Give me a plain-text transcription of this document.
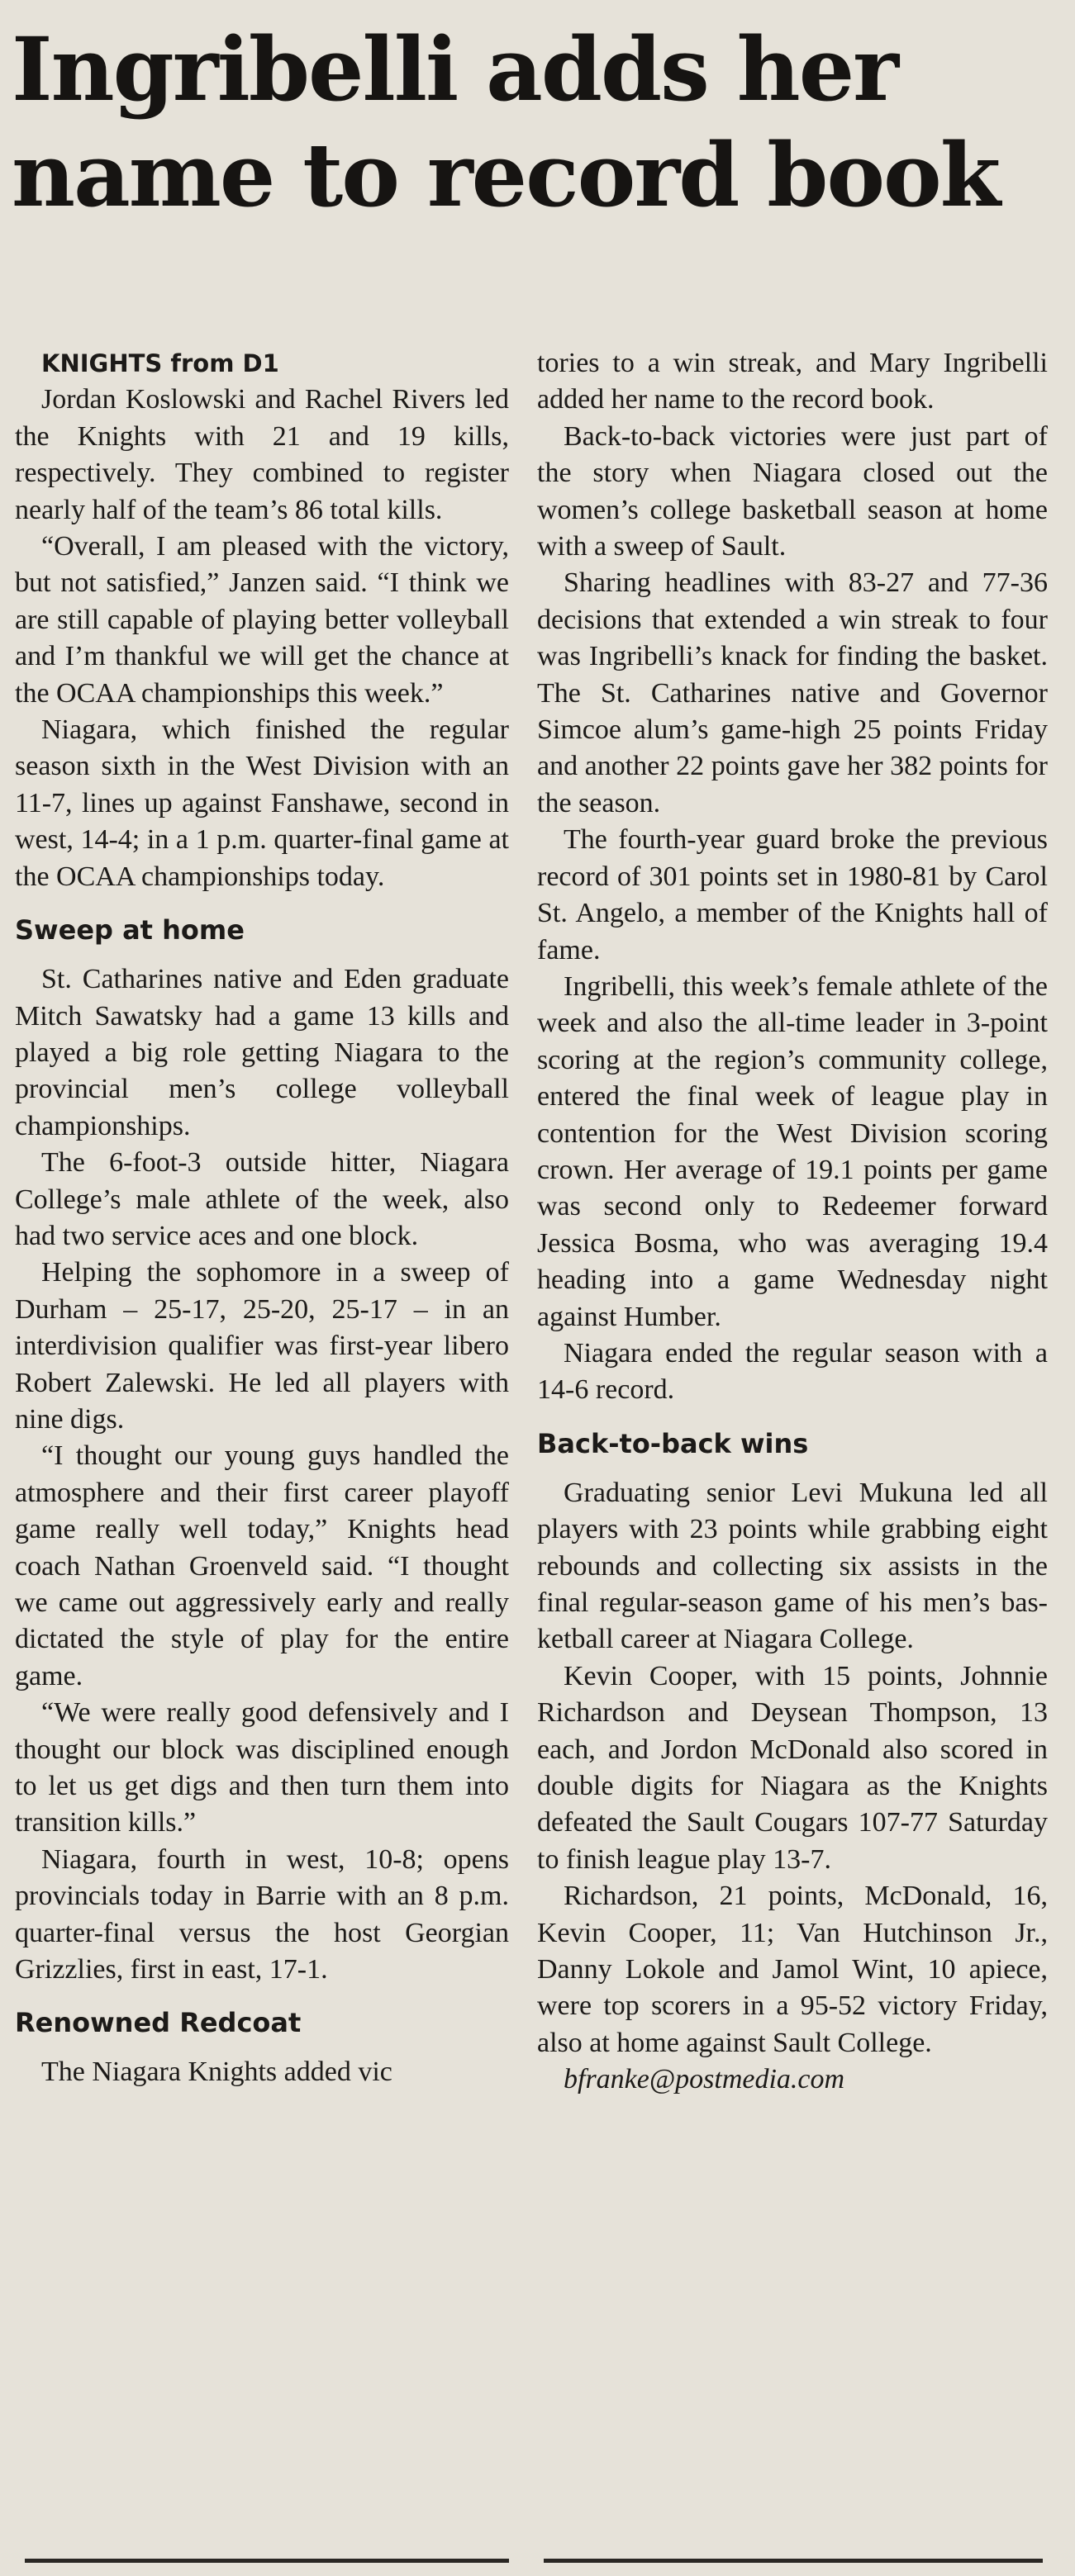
Ingribelli adds her
name to record book

KNIGHTS from D1

Jordan Koslowski and Rachel Rivers led the Knights with 21 and 19 kills, respectively. They combined to register nearly half of the team’s 86 total kills.

“Overall, I am pleased with the victory, but not satisfied,” Janzen said. “I think we are still capable of playing better volleyball and I’m thankful we will get the chance at the OCAA championships this week.”

Niagara, which finished the regular season sixth in the West Division with an 11-7, lines up against Fanshawe, second in west, 14-4; in a 1 p.m. quarter-final game at the OCAA championships today.

Sweep at home

St. Catharines native and Eden graduate Mitch Sawatsky had a game 13 kills and played a big role getting Niagara to the provincial men’s college volleyball championships.

The 6-foot-3 outside hitter, Niagara College’s male athlete of the week, also had two service aces and one block.

Helping the sophomore in a sweep of Durham – 25-17, 25-20, 25-17 – in an interdivision qualifier was first-year libero Robert Zalewski. He led all players with nine digs.

“I thought our young guys handled the atmosphere and their first career playoff game really well today,” Knights head coach Nathan Groenveld said. “I thought we came out aggressively early and really dictated the style of play for the entire game.

“We were really good defensively and I thought our block was disciplined enough to let us get digs and then turn them into transition kills.”

Niagara, fourth in west, 10-8; opens provincials today in Barrie with an 8 p.m. quarter-final versus the host Georgian Grizzlies, first in east, 17-1.

Renowned Redcoat

The Niagara Knights added vic

tories to a win streak, and Mary Ingribelli added her name to the record book.

Back-to-back victories were just part of the story when Niagara closed out the women’s college basketball season at home with a sweep of Sault.

Sharing headlines with 83-27 and 77-36 decisions that extended a win streak to four was Ingribelli’s knack for finding the basket. The St. Catharines native and Governor Simcoe alum’s game-high 25 points Friday and another 22 points gave her 382 points for the season.

The fourth-year guard broke the previous record of 301 points set in 1980-81 by Carol St. Angelo, a member of the Knights hall of fame.

Ingribelli, this week’s female athlete of the week and also the all-time leader in 3-point scoring at the region’s community college, entered the final week of league play in contention for the West Division scoring crown. Her average of 19.1 points per game was second only to Redeemer forward Jessica Bosma, who was averaging 19.4 heading into a game Wednesday night against Humber.

Niagara ended the regular season with a 14-6 record.

Back-to-back wins

Graduating senior Levi Mukuna led all players with 23 points while grabbing eight rebounds and collecting six assists in the final regular-season game of his men’s basketball career at Niagara College.

Kevin Cooper, with 15 points, Johnnie Richardson and Deysean Thompson, 13 each, and Jordon McDonald also scored in double digits for Niagara as the Knights defeated the Sault Cougars 107-77 Saturday to finish league play 13-7.

Richardson, 21 points, McDonald, 16, Kevin Cooper, 11; Van Hutchinson Jr., Danny Lokole and Jamol Wint, 10 apiece, were top scorers in a 95-52 victory Friday, also at home against Sault College.

bfranke@postmedia.com
